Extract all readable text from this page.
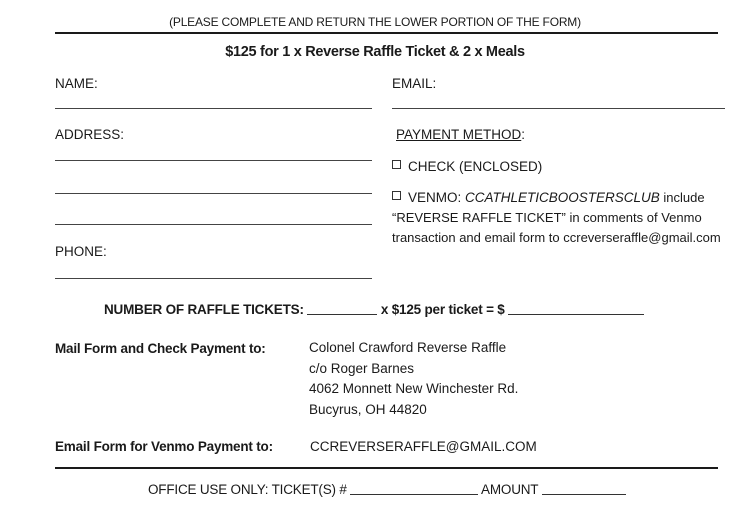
(PLEASE COMPLETE AND RETURN THE LOWER PORTION OF THE FORM)
$125 for 1 x Reverse Raffle Ticket & 2 x Meals
NAME:
ADDRESS:
PHONE:
EMAIL:
PAYMENT METHOD:
CHECK (ENCLOSED)
VENMO: CCATHLETICBOOSTERSCLUB include
“REVERSE RAFFLE TICKET” in comments of Venmo
transaction and email form to ccreverseraffle@gmail.com
NUMBER OF RAFFLE TICKETS:	x $125 per ticket = $
Mail Form and Check Payment to:	Colonel Crawford Reverse Raffle
c/o Roger Barnes
4062 Monnett New Winchester Rd.
Bucyrus, OH 44820
Email Form for Venmo Payment to:	CCREVERSERAFFLE@GMAIL.COM
OFFICE USE ONLY: TICKET(S) #	AMOUNT
